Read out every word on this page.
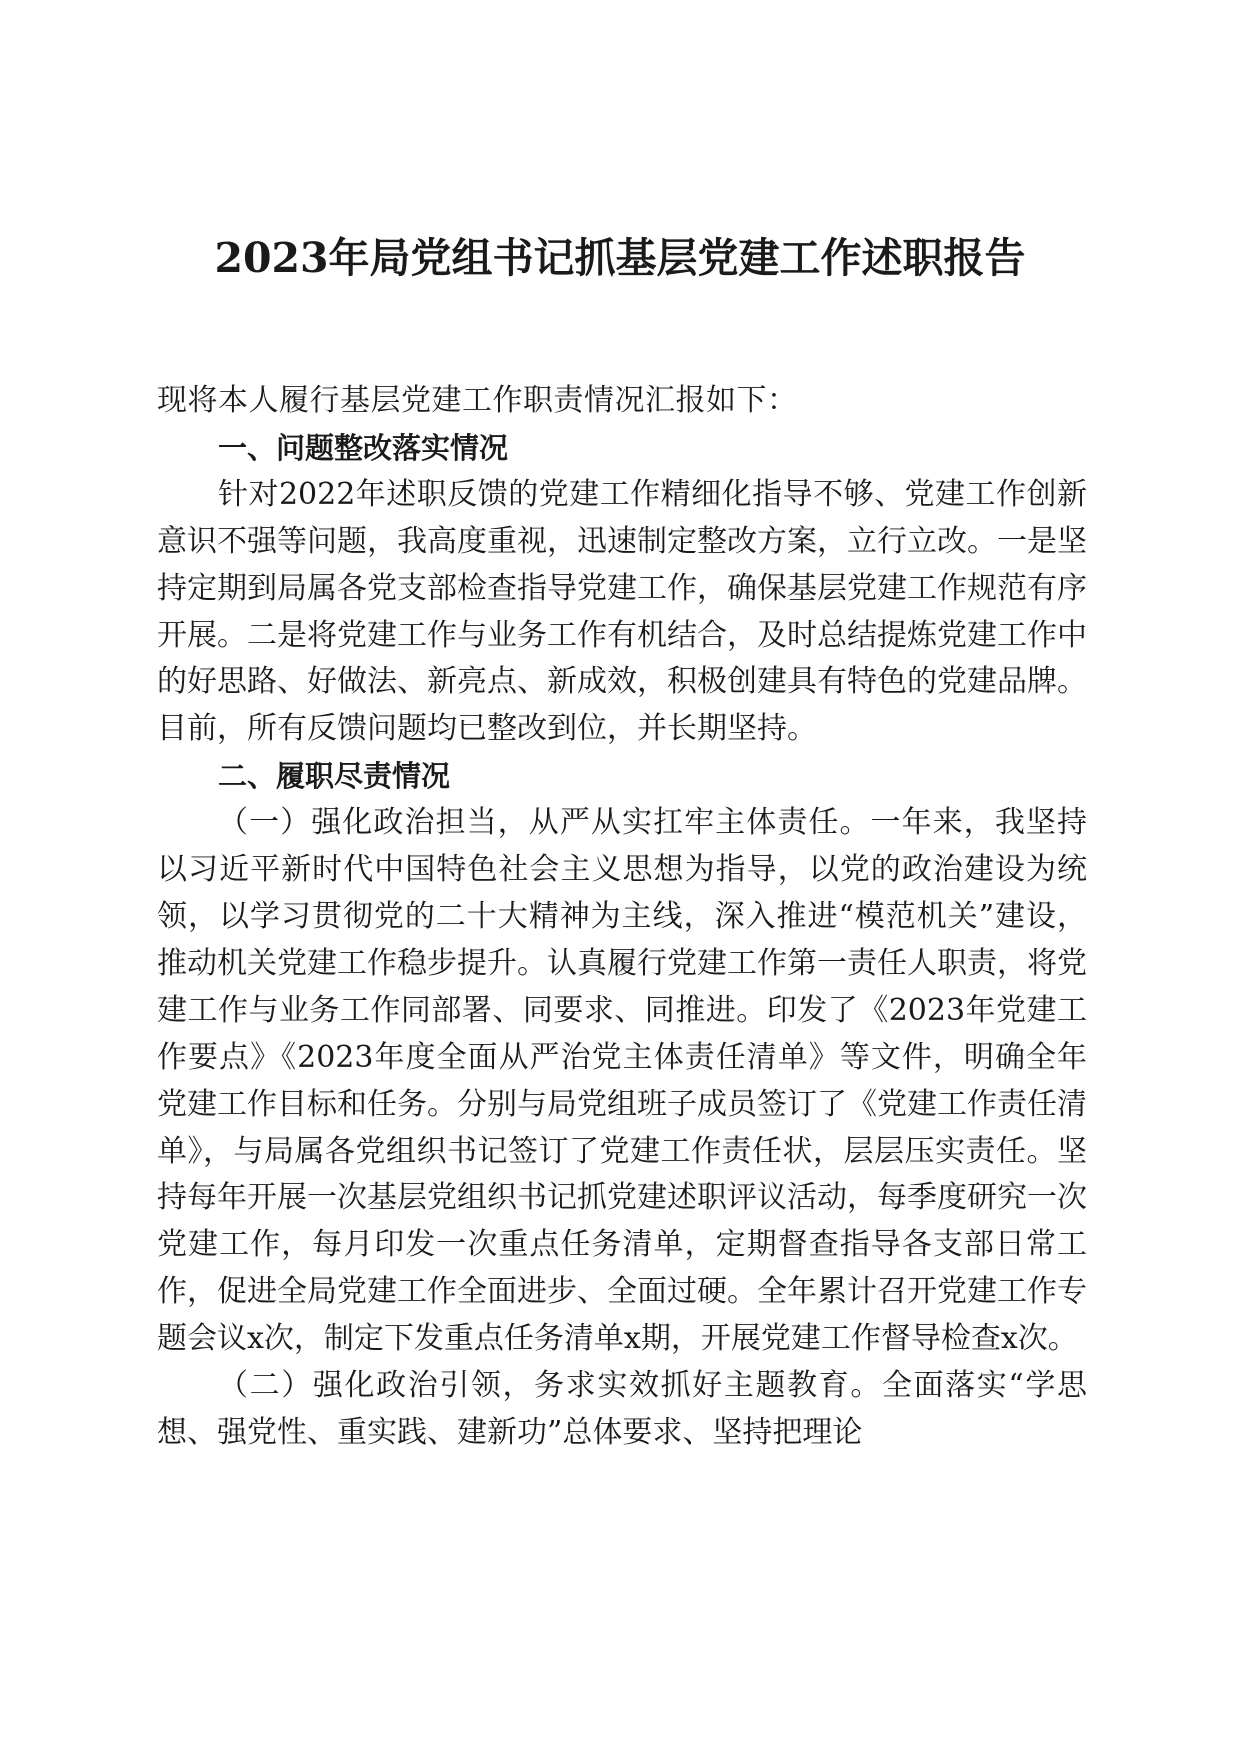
2023年局党组书记抓基层党建工作述职报告

现将本人履行基层党建工作职责情况汇报如下：

一、问题整改落实情况

针对2022年述职反馈的党建工作精细化指导不够、党建工作创新意识不强等问题，我高度重视，迅速制定整改方案，立行立改。一是坚持定期到局属各党支部检查指导党建工作，确保基层党建工作规范有序开展。二是将党建工作与业务工作有机结合，及时总结提炼党建工作中的好思路、好做法、新亮点、新成效，积极创建具有特色的党建品牌。目前，所有反馈问题均已整改到位，并长期坚持。

二、履职尽责情况

（一）强化政治担当，从严从实扛牢主体责任。一年来，我坚持以习近平新时代中国特色社会主义思想为指导，以党的政治建设为统领，以学习贯彻党的二十大精神为主线，深入推进“模范机关”建设，推动机关党建工作稳步提升。认真履行党建工作第一责任人职责，将党建工作与业务工作同部署、同要求、同推进。印发了《2023年党建工作要点》《2023年度全面从严治党主体责任清单》等文件，明确全年党建工作目标和任务。分别与局党组班子成员签订了《党建工作责任清单》，与局属各党组织书记签订了党建工作责任状，层层压实责任。坚持每年开展一次基层党组织书记抓党建述职评议活动，每季度研究一次党建工作，每月印发一次重点任务清单，定期督查指导各支部日常工作，促进全局党建工作全面进步、全面过硬。全年累计召开党建工作专题会议x次，制定下发重点任务清单x期，开展党建工作督导检查x次。

（二）强化政治引领，务求实效抓好主题教育。全面落实“学思想、强党性、重实践、建新功”总体要求、坚持把理论
